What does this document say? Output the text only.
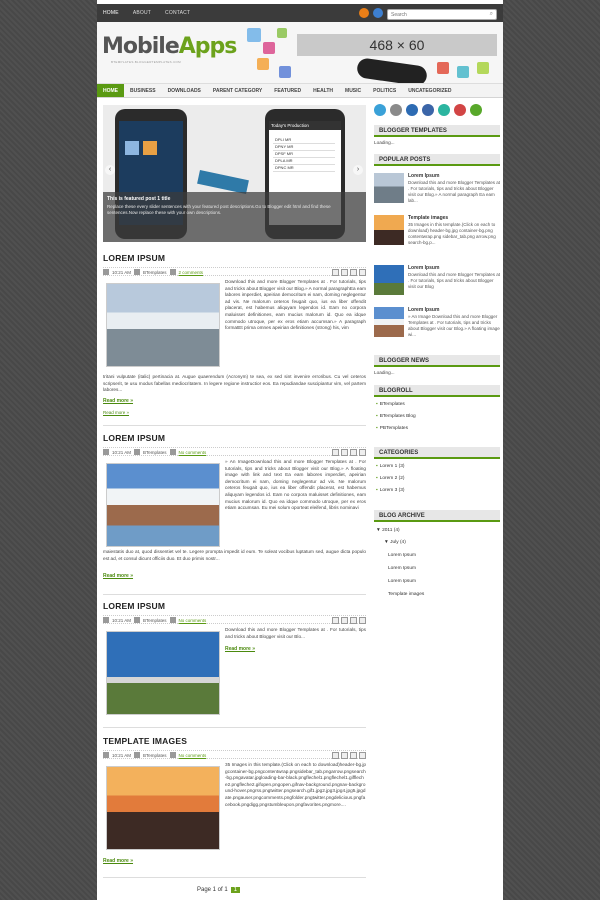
HOME	ABOUT	CONTACT
Search	⌕
MobileApps
BTEMPLATES.BLOGGERTEMPLATES.COM
468 × 60
HOME	BUSINESS	DOWNLOADS	PARENT CATEGORY	FEATURED	HEALTH	MUSIC	POLITICS	UNCATEGORIZED
Today's Production
DPLI MR
DPNY MR
DPSF MR
DPLA MR
DPNC MR
‹	›
This is featured post 1 title
Replace these every slider sentences with your featured post descriptions.Go to Blogger edit html and find these sentences.Now replace these with your own descriptions.
LOREM IPSUM
10:21 AM	BTemplates	2 comments
Download this and more Blogger Templates at . For tutorials, tips and tricks about Blogger visit our Blog.» A normal paragraphEa eam labores imperdiet, apeirian democritum ei nam, doming neglegentur ad vis. Ne malorum ceteros feugait quo, ius ea liber offendit placerat, est habemus aliquyam legendos id. Eam no corpora maluisset definitiones, eam mucius malorum id. Quo ea idque commodo utroque, per ex eros etiam accumsan.» A paragraph formatEt prima omnes apeirian definitiones (strong) his, vim
tritani vulputate (italic) pertinacia at. Augue quaerendum (Acronym) te sea, ex sed sint invenire erroribus. Cu vel ceteros scripserit, te usu modus fabellas mediocritatem. In legere regione instructior eos. Ea repudiandae suscipiantur vim, vel partem labores...
Read more »
Read more »
LOREM IPSUM
10:21 AM	BTemplates	No comments
» An ImageDownload this and more Blogger Templates at . For tutorials, tips and tricks about Blogger visit our Blog.» A floating image with link and text Ea eam labores imperdiet, apeirian democritum ei nam, doming neglegentur ad vis. Ne malorum ceteros feugait quo, ius ea liber offendit placerat, est habemus aliquyam legendos id. Eam no corpora maluisset definitiones, eam mucius malorum id. Quo ea idque commodo utroque, per ex eros etiam accumsan. Eu mei solum oporteat eleifend, libris nominavi
maiestatis duo at, quod dissentiet vel te. Legere prompta impedit id eum. Te soleat vocibus luptatum sed, augue dicta populo est ad, et consul dicunt officiis duo. Et duo primis nostr...
Read more »
LOREM IPSUM
10:21 AM	BTemplates	No comments
Download this and more Blogger Templates at . For tutorials, tips and tricks about Blogger visit our Blo...
Read more »
TEMPLATE IMAGES
10:21 AM	BTemplates	No comments
35 Images in this template.(Click on each to download)header-bg.jpgcontainer-bg.pngcontentwrap.pngsidebar_tab.pngarrow.pngsearch-bg.pngavatar.jpgloading-bar-black.pngflechel1.pngflechel1.giffleche2.pngfleche2.gifopen.pngopen.gifnav-background.pngnav-background-hover.pngrss.pngtwitter.pngsearch.gif1.jpg2.jpg3.jpg4.jpg5.jpgdate.pngauser.pngcomments.pngfolder.pngtwitter.pngdelicious.pngfacebook.pngdigg.pngstumbleupon.pngfavorites.pngmore....
Read more »
Page 1 of 1	1
BLOGGER TEMPLATES
Loading...
POPULAR POSTS
Lorem Ipsum
Download this and more Blogger Templates at . For tutorials, tips and tricks about Blogger visit our Blog.» A normal paragraph Ea eam lab...
Template images
35 Images in this template.(Click on each to download) header-bg.jpg container-bg.png contentwrap.png sidebar_tab.png arrow.png search-bg.p...
Lorem Ipsum
Download this and more Blogger Templates at . For tutorials, tips and tricks about Blogger visit our Blog
Lorem Ipsum
» An Image Download this and more Blogger Templates at . For tutorials, tips and tricks about Blogger visit our Blog.» A floating image wi...
BLOGGER NEWS
Loading...
BLOGROLL
▪ BTemplates
▪ BTemplates Blog
▪ PBTemplates
CATEGORIES
▪ Lorem 1 (3)
▪ Lorem 2 (2)
▪ Lorem 3 (3)
BLOG ARCHIVE
▼ 2011 (4)
▼ July (4)
Lorem Ipsum
Lorem Ipsum
Lorem Ipsum
Template images
